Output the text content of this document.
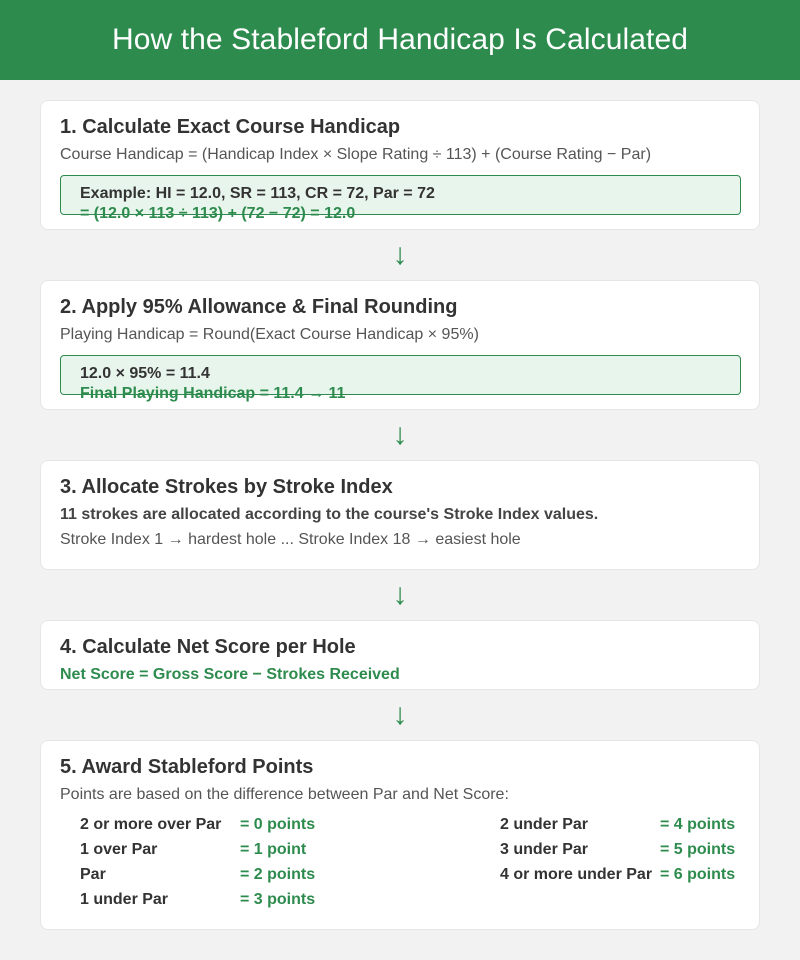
How the Stableford Handicap Is Calculated
1. Calculate Exact Course Handicap
Course Handicap = (Handicap Index × Slope Rating ÷ 113) + (Course Rating − Par)
Example: HI = 12.0, SR = 113, CR = 72, Par = 72
= (12.0 × 113 ÷ 113) + (72 − 72) = 12.0
↓
2. Apply 95% Allowance & Final Rounding
Playing Handicap = Round(Exact Course Handicap × 95%)
12.0 × 95% = 11.4
Final Playing Handicap = 11.4 → 11
↓
3. Allocate Strokes by Stroke Index
11 strokes are allocated according to the course's Stroke Index values.
Stroke Index 1 → hardest hole ... Stroke Index 18 → easiest hole
↓
4. Calculate Net Score per Hole
Net Score = Gross Score − Strokes Received
↓
5. Award Stableford Points
Points are based on the difference between Par and Net Score:
2 or more over Par = 0 points
1 over Par	= 1 point
Par	= 2 points
1 under Par	= 3 points
2 under Par	= 4 points
3 under Par	= 5 points
4 or more under Par = 6 points
